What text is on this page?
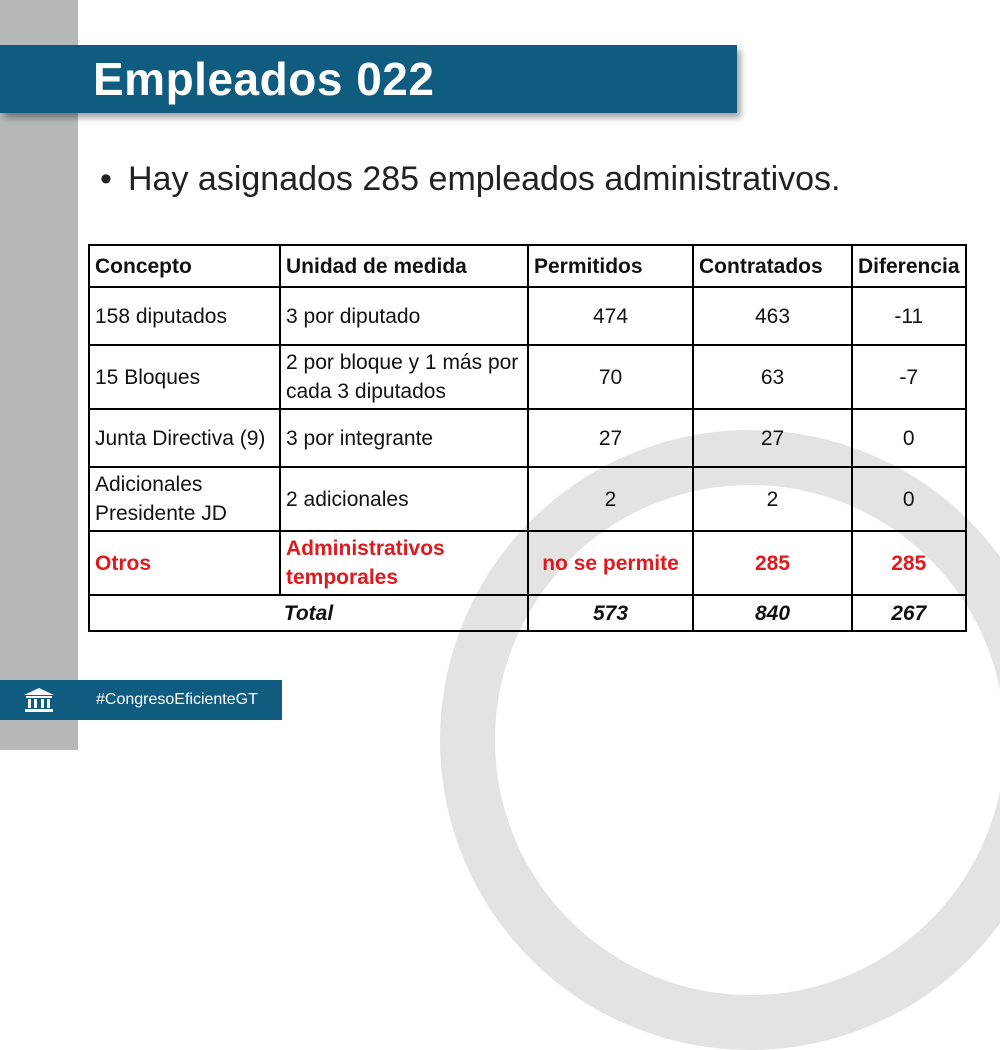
Empleados 022
• Hay asignados 285 empleados administrativos.
Concepto	Unidad de medida	Permitidos	Contratados	Diferencia
158 diputados	3 por diputado	474	463	-11
15 Bloques	2 por bloque y 1 más por cada 3 diputados	70	63	-7
Junta Directiva (9)	3 por integrante	27	27	0
Adicionales Presidente JD	2 adicionales	2	2	0
Otros	Administrativos temporales	no se permite	285	285
Total		573	840	267
#CongresoEficienteGT
